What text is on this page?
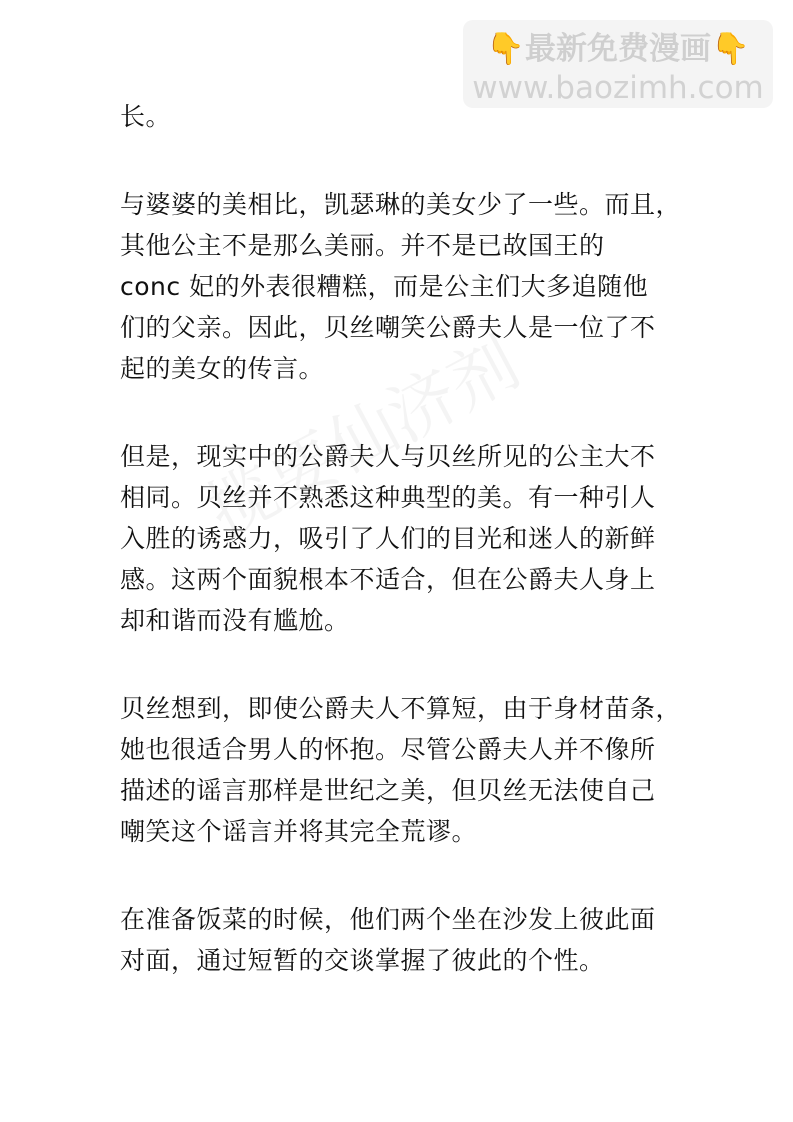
👇最新免费漫画👇
www.baozimh.com

长。

与婆婆的美相比，凯瑟琳的美女少了一些。而且，
其他公主不是那么美丽。并不是已故国王的
conc 妃的外表很糟糕，而是公主们大多追随他
们的父亲。因此，贝丝嘲笑公爵夫人是一位了不
起的美女的传言。

但是，现实中的公爵夫人与贝丝所见的公主大不
相同。贝丝并不熟悉这种典型的美。有一种引人
入胜的诱惑力，吸引了人们的目光和迷人的新鲜
感。这两个面貌根本不适合，但在公爵夫人身上
却和谐而没有尴尬。

贝丝想到，即使公爵夫人不算短，由于身材苗条，
她也很适合男人的怀抱。尽管公爵夫人并不像所
描述的谣言那样是世纪之美，但贝丝无法使自己
嘲笑这个谣言并将其完全荒谬。

在准备饭菜的时候，他们两个坐在沙发上彼此面
对面，通过短暂的交谈掌握了彼此的个性。
